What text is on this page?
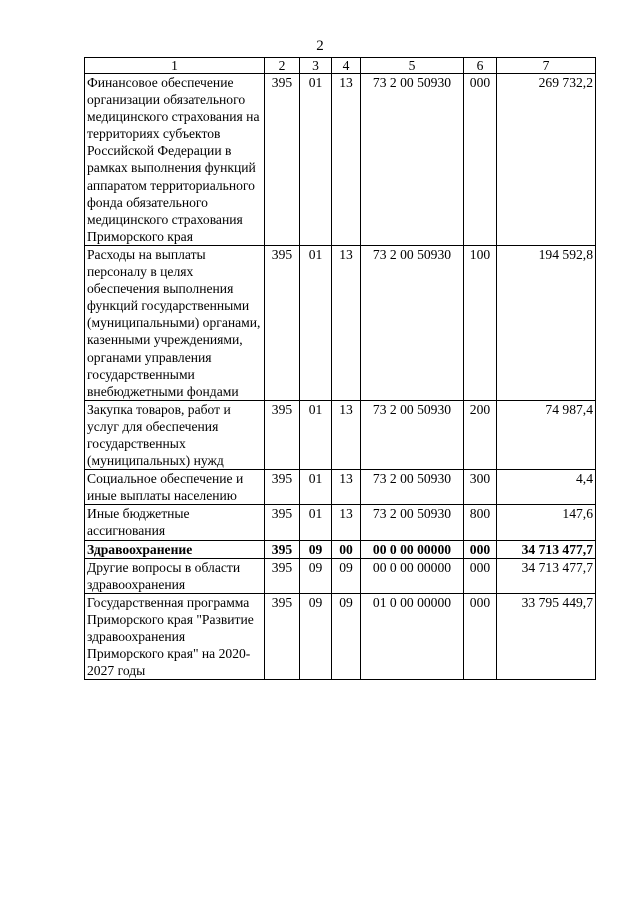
2
1	2	3	4	5	6	7
Финансовое обеспечение организации обязательного медицинского страхования на территориях субъектов Российской Федерации в рамках выполнения функций аппаратом территориального фонда обязательного медицинского страхования Приморского края	395	01	13	73 2 00 50930	000	269 732,2
Расходы на выплаты персоналу в целях обеспечения выполнения функций государственными (муниципальными) органами, казенными учреждениями, органами управления государственными внебюджетными фондами	395	01	13	73 2 00 50930	100	194 592,8
Закупка товаров, работ и услуг для обеспечения государственных (муниципальных) нужд	395	01	13	73 2 00 50930	200	74 987,4
Социальное обеспечение и иные выплаты населению	395	01	13	73 2 00 50930	300	4,4
Иные бюджетные ассигнования	395	01	13	73 2 00 50930	800	147,6
Здравоохранение	395	09	00	00 0 00 00000	000	34 713 477,7
Другие вопросы в области здравоохранения	395	09	09	00 0 00 00000	000	34 713 477,7
Государственная программа Приморского края "Развитие здравоохранения Приморского края" на 2020-2027 годы	395	09	09	01 0 00 00000	000	33 795 449,7
